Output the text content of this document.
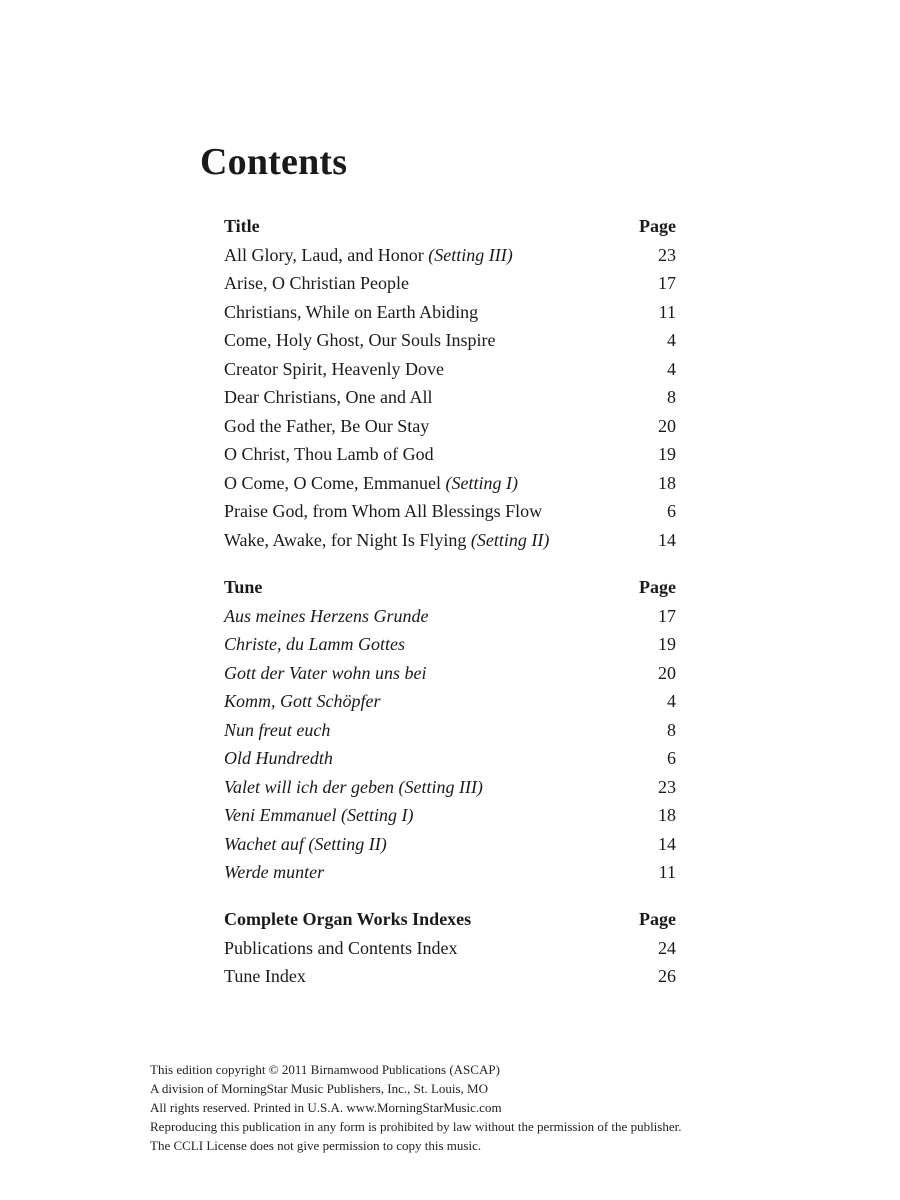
Contents
Title	Page
All Glory, Laud, and Honor (Setting III)	23
Arise, O Christian People	17
Christians, While on Earth Abiding	11
Come, Holy Ghost, Our Souls Inspire	4
Creator Spirit, Heavenly Dove	4
Dear Christians, One and All	8
God the Father, Be Our Stay	20
O Christ, Thou Lamb of God	19
O Come, O Come, Emmanuel (Setting I)	18
Praise God, from Whom All Blessings Flow	6
Wake, Awake, for Night Is Flying (Setting II)	14
Tune	Page
Aus meines Herzens Grunde	17
Christe, du Lamm Gottes	19
Gott der Vater wohn uns bei	20
Komm, Gott Schöpfer	4
Nun freut euch	8
Old Hundredth	6
Valet will ich der geben (Setting III)	23
Veni Emmanuel (Setting I)	18
Wachet auf (Setting II)	14
Werde munter	11
Complete Organ Works Indexes	Page
Publications and Contents Index	24
Tune Index	26
This edition copyright © 2011 Birnamwood Publications (ASCAP)
A division of MorningStar Music Publishers, Inc., St. Louis, MO
All rights reserved. Printed in U.S.A. www.MorningStarMusic.com
Reproducing this publication in any form is prohibited by law without the permission of the publisher.
The CCLI License does not give permission to copy this music.
